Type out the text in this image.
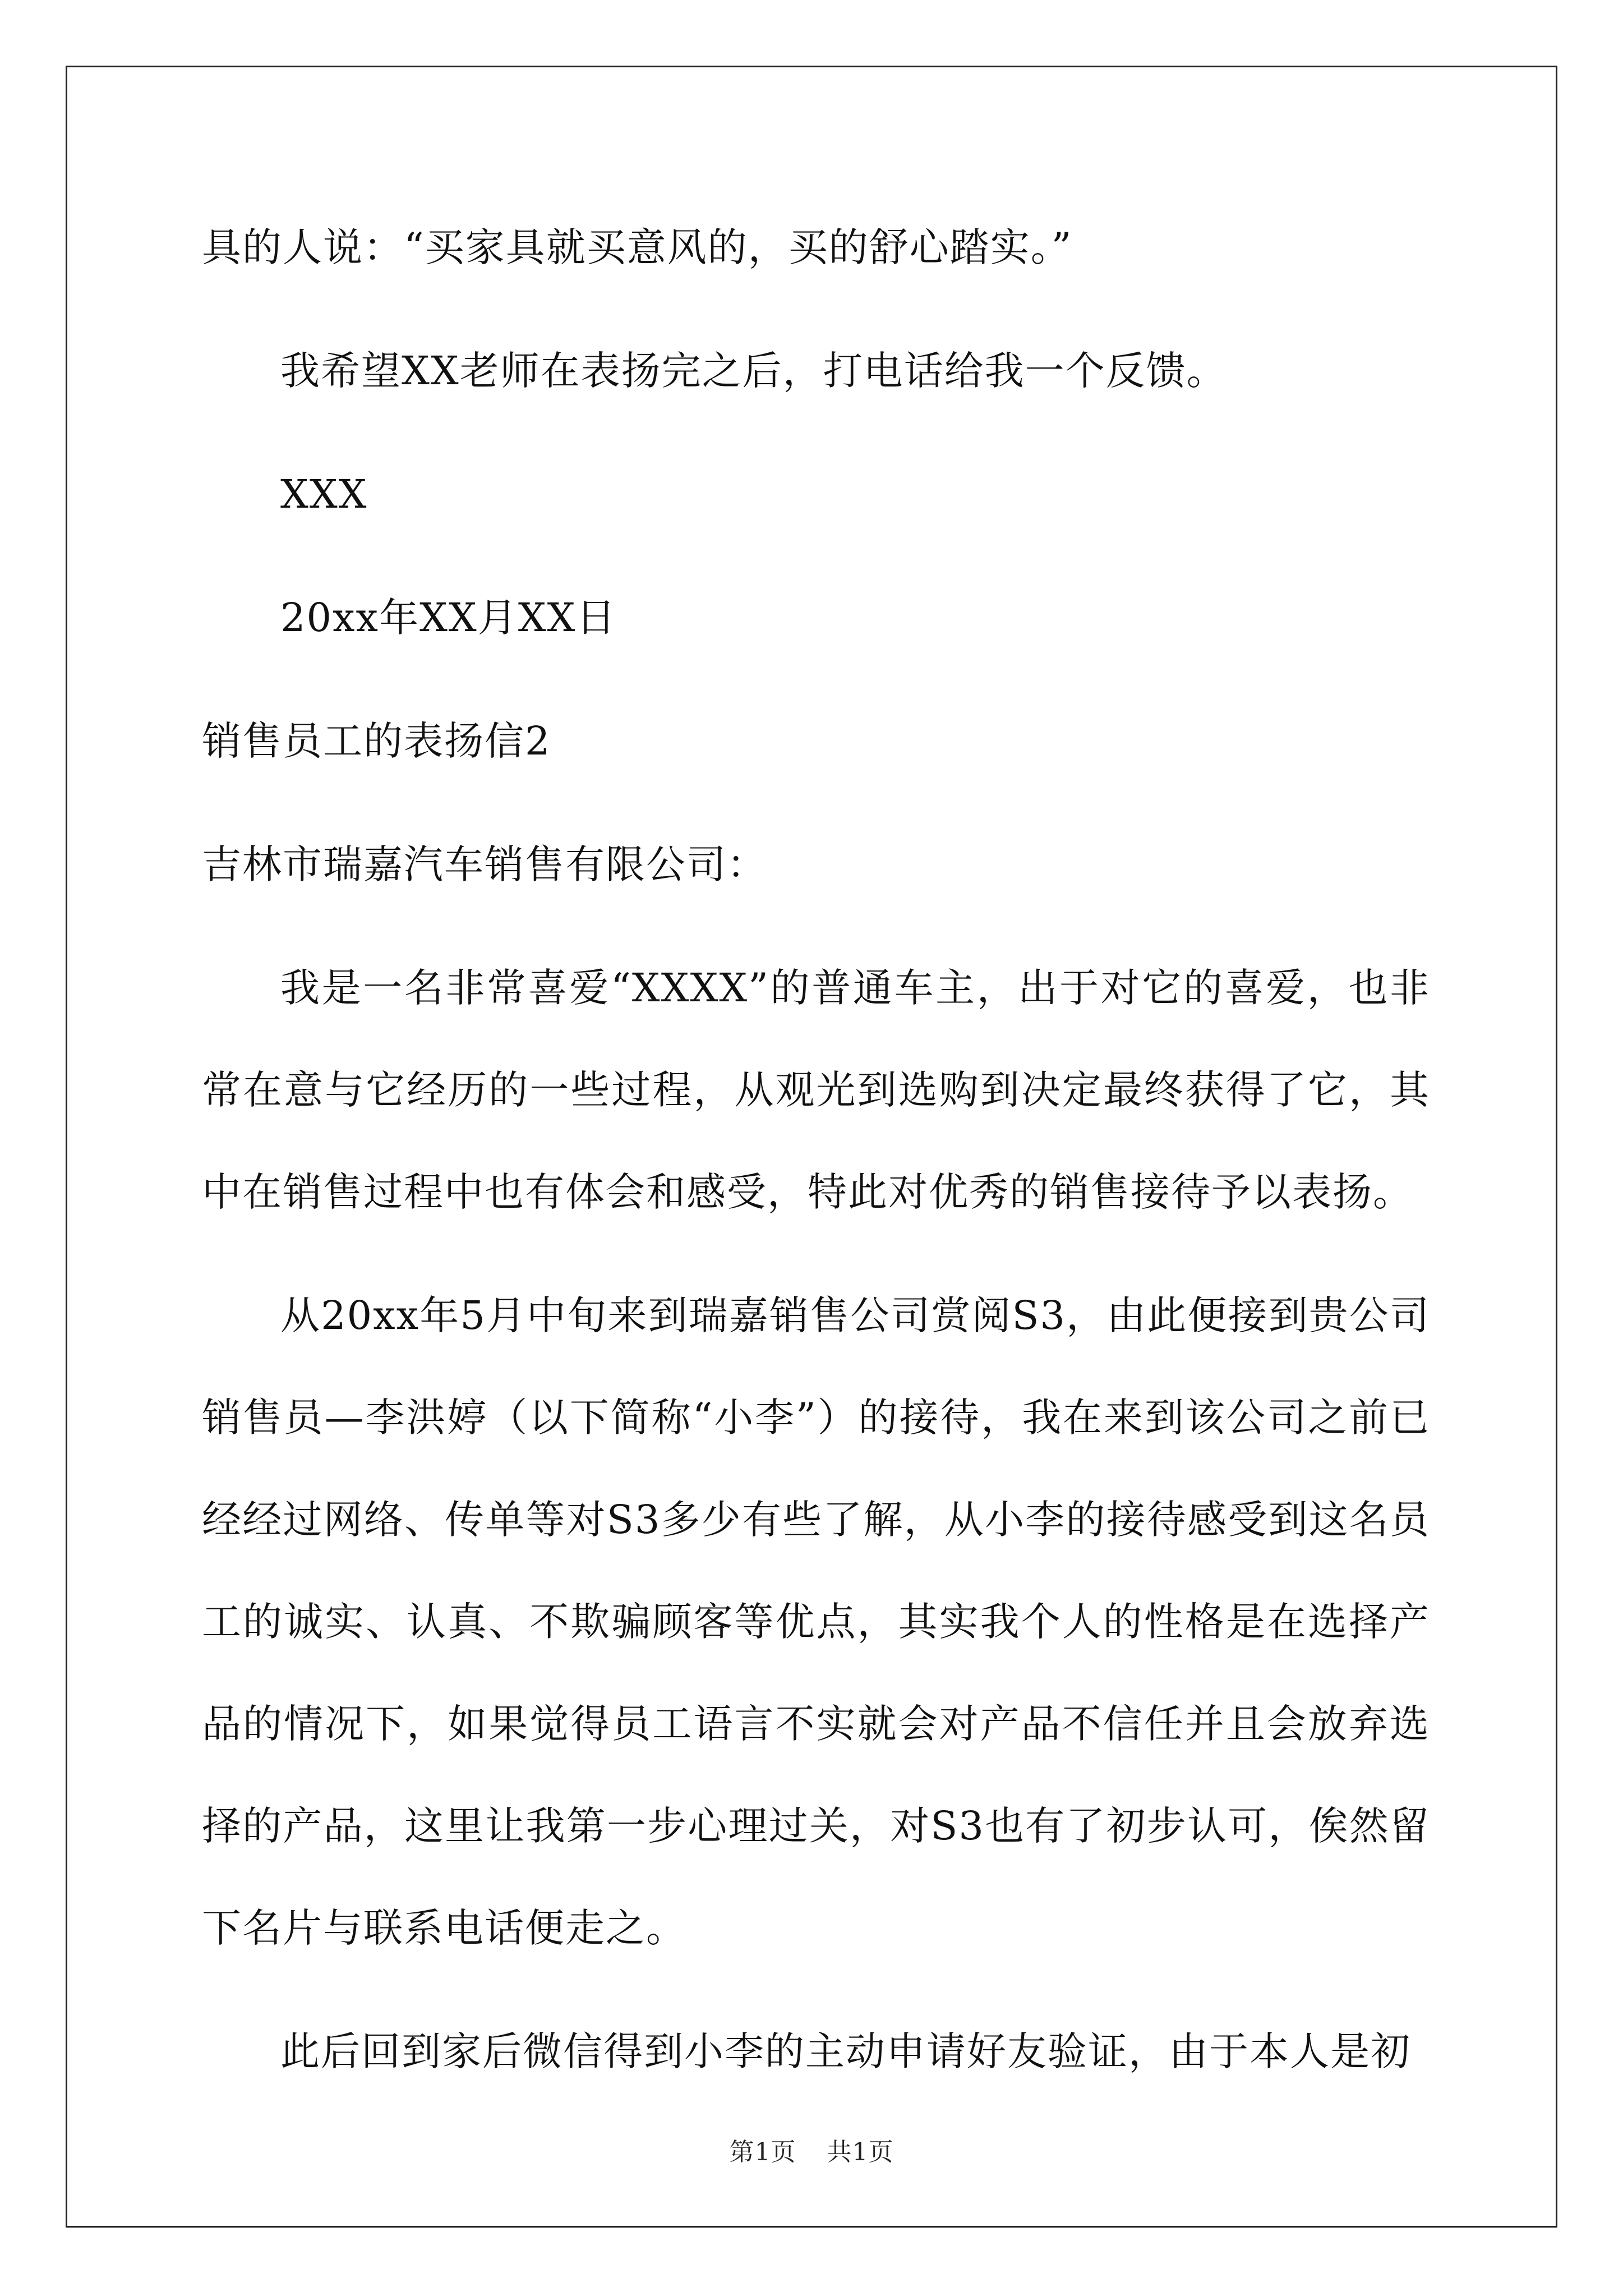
具的人说：“买家具就买意风的，买的舒心踏实。”

我希望XX老师在表扬完之后，打电话给我一个反馈。

XXX

20xx年XX月XX日

销售员工的表扬信2

吉林市瑞嘉汽车销售有限公司：

我是一名非常喜爱“XXXX”的普通车主，出于对它的喜爱，也非常在意与它经历的一些过程，从观光到选购到决定最终获得了它，其中在销售过程中也有体会和感受，特此对优秀的销售接待予以表扬。

从20xx年5月中旬来到瑞嘉销售公司赏阅S3，由此便接到贵公司销售员—李洪婷（以下简称“小李”）的接待，我在来到该公司之前已经经过网络、传单等对S3多少有些了解，从小李的接待感受到这名员工的诚实、认真、不欺骗顾客等优点，其实我个人的性格是在选择产品的情况下，如果觉得员工语言不实就会对产品不信任并且会放弃选择的产品，这里让我第一步心理过关，对S3也有了初步认可，俟然留下名片与联系电话便走之。

此后回到家后微信得到小李的主动申请好友验证，由于本人是初

第1页 共1页
